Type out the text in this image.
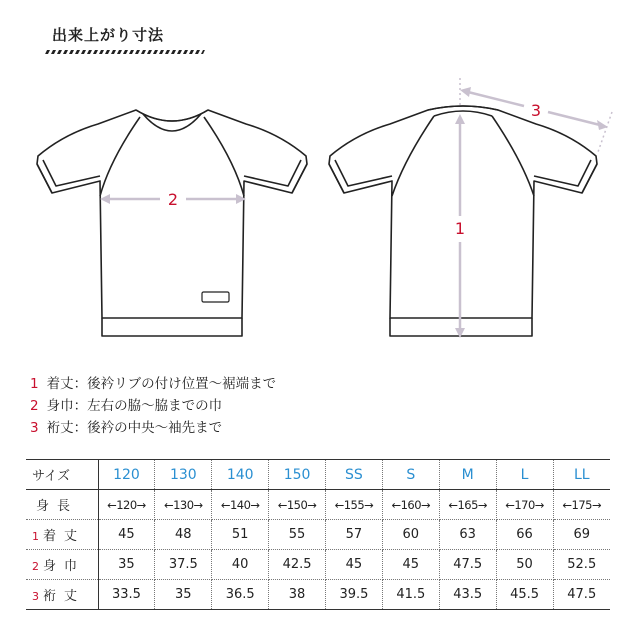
出来上がり寸法
2
1
3
1 着丈：後衿リブの付け位置〜裾端まで
2 身巾：左右の脇〜脇までの巾
3 裄丈：後衿の中央〜袖先まで
サイズ	120	130	140	150	SS	S	M	L	LL
身長	←120→	←130→	←140→	←150→	←155→	←160→	←165→	←170→	←175→
1 着丈	45	48	51	55	57	60	63	66	69
2 身巾	35	37.5	40	42.5	45	45	47.5	50	52.5
3 裄丈	33.5	35	36.5	38	39.5	41.5	43.5	45.5	47.5
